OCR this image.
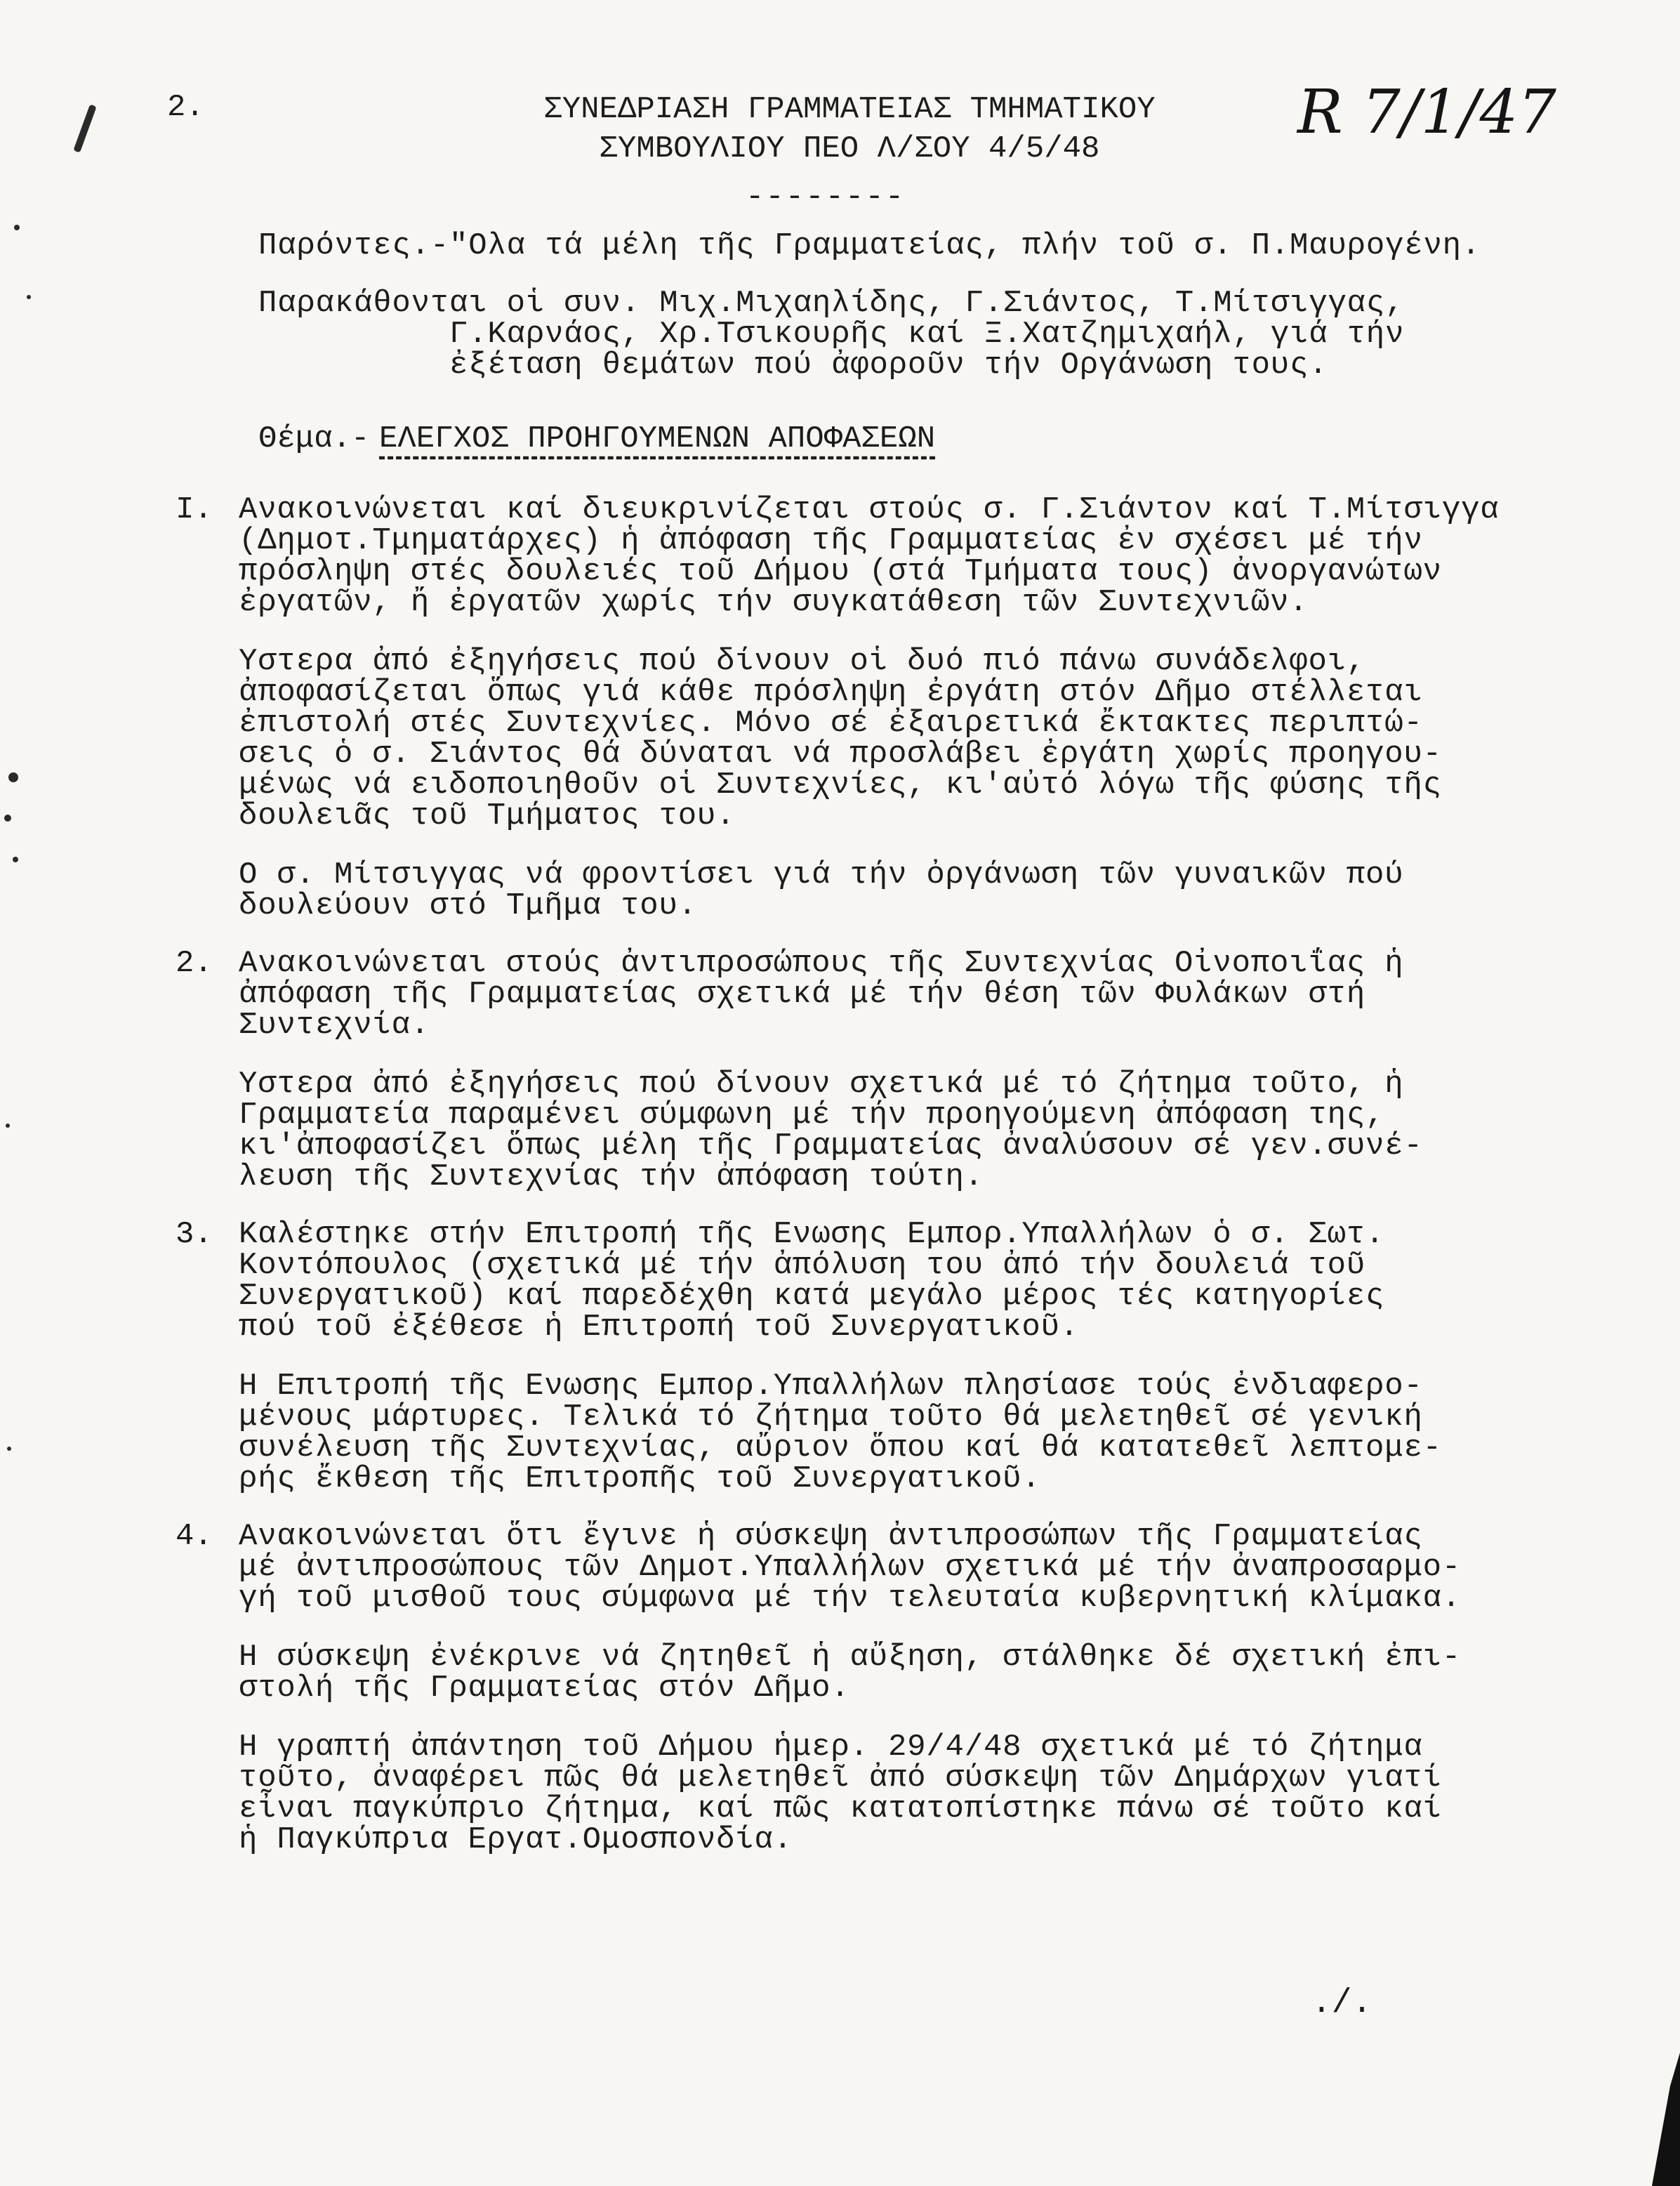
2.	ΣΥΝΕΔΡΙΑΣΗ ΓΡΑΜΜΑΤΕΙΑΣ ΤΜΗΜΑΤΙΚΟΥ
ΣΥΜΒΟΥΛΙΟΥ ΠΕΟ Λ/ΣΟΥ 4/5/48
--------
R 7/1/47
Παρόντες.-"Ολα τά μέλη τῆς Γραμματείας, πλήν τοῦ σ. Π.Μαυρογένη.
Παρακάθονται οἱ συν. Μιχ.Μιχαηλίδης, Γ.Σιάντος, Τ.Μίτσιγγας,
Γ.Καρνάος, Χρ.Τσικουρῆς καί Ξ.Χατζημιχαήλ, γιά τήν
ἐξέταση θεμάτων πού ἀφοροῦν τήν Οργάνωση τους.
Θέμα.- ΕΛΕΓΧΟΣ ΠΡΟΗΓΟΥΜΕΝΩΝ ΑΠΟΦΑΣΕΩΝ
I. Ανακοινώνεται καί διευκρινίζεται στούς σ. Γ.Σιάντον καί Τ.Μίτσιγγα
(Δημοτ.Τμηματάρχες) ἡ ἀπόφαση τῆς Γραμματείας ἐν σχέσει μέ τήν
πρόσληψη στές δουλειές τοῦ Δήμου (στά Τμήματα τους) ἀνοργανώτων
ἐργατῶν, ἤ ἐργατῶν χωρίς τήν συγκατάθεση τῶν Συντεχνιῶν.
Υστερα ἀπό ἐξηγήσεις πού δίνουν οἱ δυό πιό πάνω συνάδελφοι,
ἀποφασίζεται ὅπως γιά κάθε πρόσληψη ἐργάτη στόν Δῆμο στέλλεται
ἐπιστολή στές Συντεχνίες. Μόνο σέ ἐξαιρετικά ἔκτακτες περιπτώ-
σεις ὁ σ. Σιάντος θά δύναται νά προσλάβει ἐργάτη χωρίς προηγου-
μένως νά ειδοποιηθοῦν οἱ Συντεχνίες, κι'αὐτό λόγω τῆς φύσης τῆς
δουλειᾶς τοῦ Τμήματος του.
Ο σ. Μίτσιγγας νά φροντίσει γιά τήν ὀργάνωση τῶν γυναικῶν πού
δουλεύουν στό Τμῆμα του.
2. Ανακοινώνεται στούς ἀντιπροσώπους τῆς Συντεχνίας Οἰνοποιΐας ἡ
ἀπόφαση τῆς Γραμματείας σχετικά μέ τήν θέση τῶν Φυλάκων στή
Συντεχνία.
Υστερα ἀπό ἐξηγήσεις πού δίνουν σχετικά μέ τό ζήτημα τοῦτο, ἡ
Γραμματεία παραμένει σύμφωνη μέ τήν προηγούμενη ἀπόφαση της,
κι'ἀποφασίζει ὅπως μέλη τῆς Γραμματείας ἀναλύσουν σέ γεν.συνέ-
λευση τῆς Συντεχνίας τήν ἀπόφαση τούτη.
3. Καλέστηκε στήν Επιτροπή τῆς Ενωσης Εμπορ.Υπαλλήλων ὁ σ. Σωτ.
Κοντόπουλος (σχετικά μέ τήν ἀπόλυση του ἀπό τήν δουλειά τοῦ
Συνεργατικοῦ) καί παρεδέχθη κατά μεγάλο μέρος τές κατηγορίες
πού τοῦ ἐξέθεσε ἡ Επιτροπή τοῦ Συνεργατικοῦ.
Η Επιτροπή τῆς Ενωσης Εμπορ.Υπαλλήλων πλησίασε τούς ἐνδιαφερο-
μένους μάρτυρες. Τελικά τό ζήτημα τοῦτο θά μελετηθεῖ σέ γενική
συνέλευση τῆς Συντεχνίας, αὔριον ὅπου καί θά κατατεθεῖ λεπτομε-
ρής ἔκθεση τῆς Επιτροπῆς τοῦ Συνεργατικοῦ.
4. Ανακοινώνεται ὅτι ἔγινε ἡ σύσκεψη ἀντιπροσώπων τῆς Γραμματείας
μέ ἀντιπροσώπους τῶν Δημοτ.Υπαλλήλων σχετικά μέ τήν ἀναπροσαρμο-
γή τοῦ μισθοῦ τους σύμφωνα μέ τήν τελευταία κυβερνητική κλίμακα.
Η σύσκεψη ἐνέκρινε νά ζητηθεῖ ἡ αὔξηση, στάλθηκε δέ σχετική ἐπι-
στολή τῆς Γραμματείας στόν Δῆμο.
Η γραπτή ἀπάντηση τοῦ Δήμου ἡμερ. 29/4/48 σχετικά μέ τό ζήτημα
τοῦτο, ἀναφέρει πῶς θά μελετηθεῖ ἀπό σύσκεψη τῶν Δημάρχων γιατί
εἶναι παγκύπριο ζήτημα, καί πῶς κατατοπίστηκε πάνω σέ τοῦτο καί
ἡ Παγκύπρια Εργατ.Ομοσπονδία.
./.
